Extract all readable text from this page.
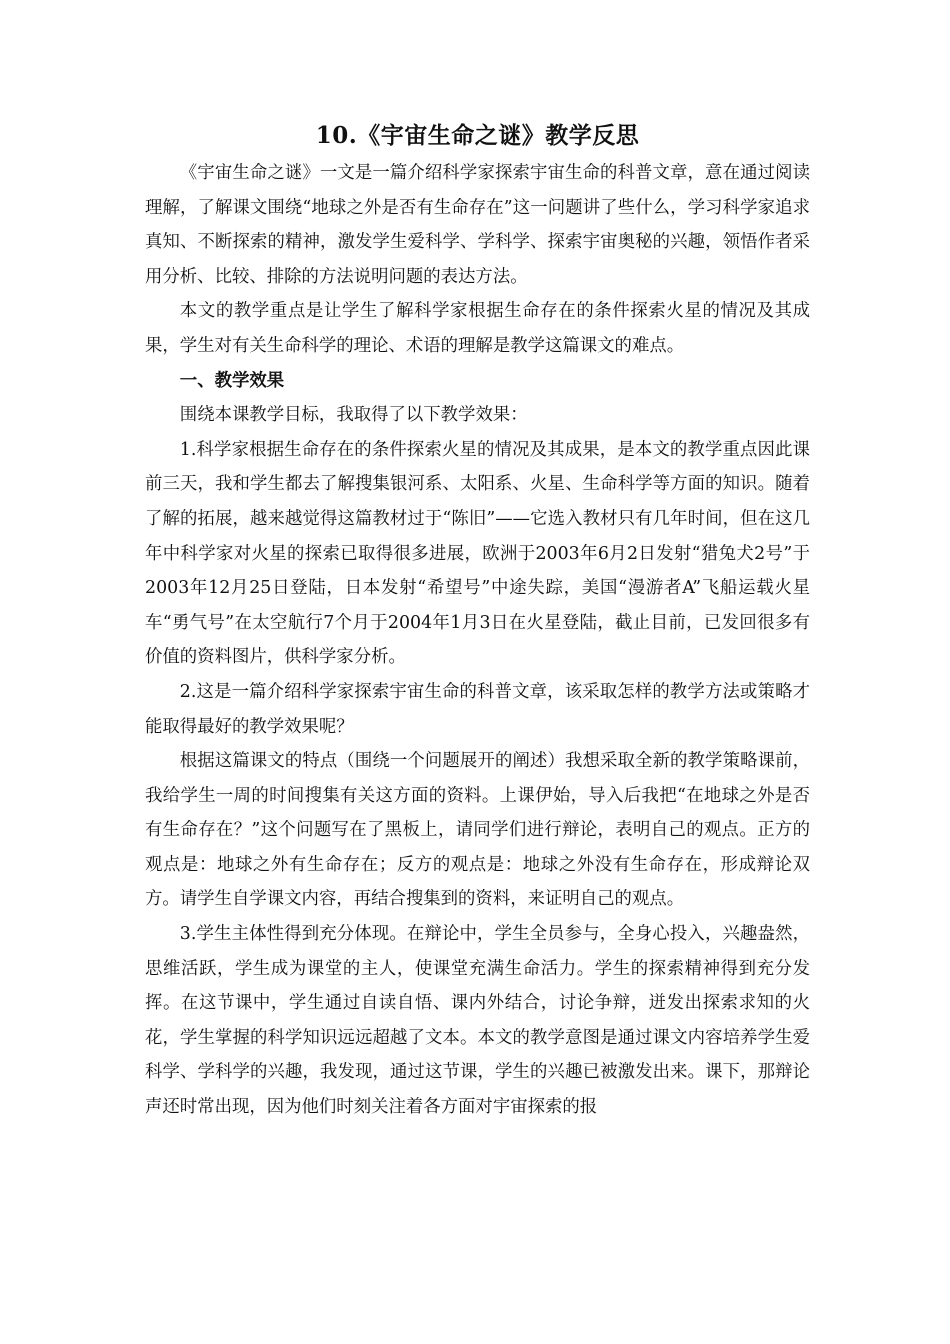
10.《宇宙生命之谜》教学反思

《宇宙生命之谜》一文是一篇介绍科学家探索宇宙生命的科普文章，意在通过阅读理解，了解课文围绕“地球之外是否有生命存在”这一问题讲了些什么，学习科学家追求真知、不断探索的精神，激发学生爱科学、学科学、探索宇宙奥秘的兴趣，领悟作者采用分析、比较、排除的方法说明问题的表达方法。

本文的教学重点是让学生了解科学家根据生命存在的条件探索火星的情况及其成果，学生对有关生命科学的理论、术语的理解是教学这篇课文的难点。

一、教学效果

围绕本课教学目标，我取得了以下教学效果：

1.科学家根据生命存在的条件探索火星的情况及其成果，是本文的教学重点因此课前三天，我和学生都去了解搜集银河系、太阳系、火星、生命科学等方面的知识。随着了解的拓展，越来越觉得这篇教材过于“陈旧”——它选入教材只有几年时间，但在这几年中科学家对火星的探索已取得很多进展，欧洲于2003年6月2日发射“猎兔犬2号”于2003年12月25日登陆，日本发射“希望号”中途失踪，美国“漫游者A”飞船运载火星车“勇气号”在太空航行7个月于2004年1月3日在火星登陆，截止目前，已发回很多有价值的资料图片，供科学家分析。

2.这是一篇介绍科学家探索宇宙生命的科普文章，该采取怎样的教学方法或策略才能取得最好的教学效果呢？

根据这篇课文的特点（围绕一个问题展开的阐述）我想采取全新的教学策略课前，我给学生一周的时间搜集有关这方面的资料。上课伊始，导入后我把“在地球之外是否有生命存在？”这个问题写在了黑板上，请同学们进行辩论，表明自己的观点。正方的观点是：地球之外有生命存在；反方的观点是：地球之外没有生命存在，形成辩论双方。请学生自学课文内容，再结合搜集到的资料，来证明自己的观点。

3.学生主体性得到充分体现。在辩论中，学生全员参与，全身心投入，兴趣盎然，思维活跃，学生成为课堂的主人，使课堂充满生命活力。学生的探索精神得到充分发挥。在这节课中，学生通过自读自悟、课内外结合，讨论争辩，迸发出探索求知的火花，学生掌握的科学知识远远超越了文本。本文的教学意图是通过课文内容培养学生爱科学、学科学的兴趣，我发现，通过这节课，学生的兴趣已被激发出来。课下，那辩论声还时常出现，因为他们时刻关注着各方面对宇宙探索的报
